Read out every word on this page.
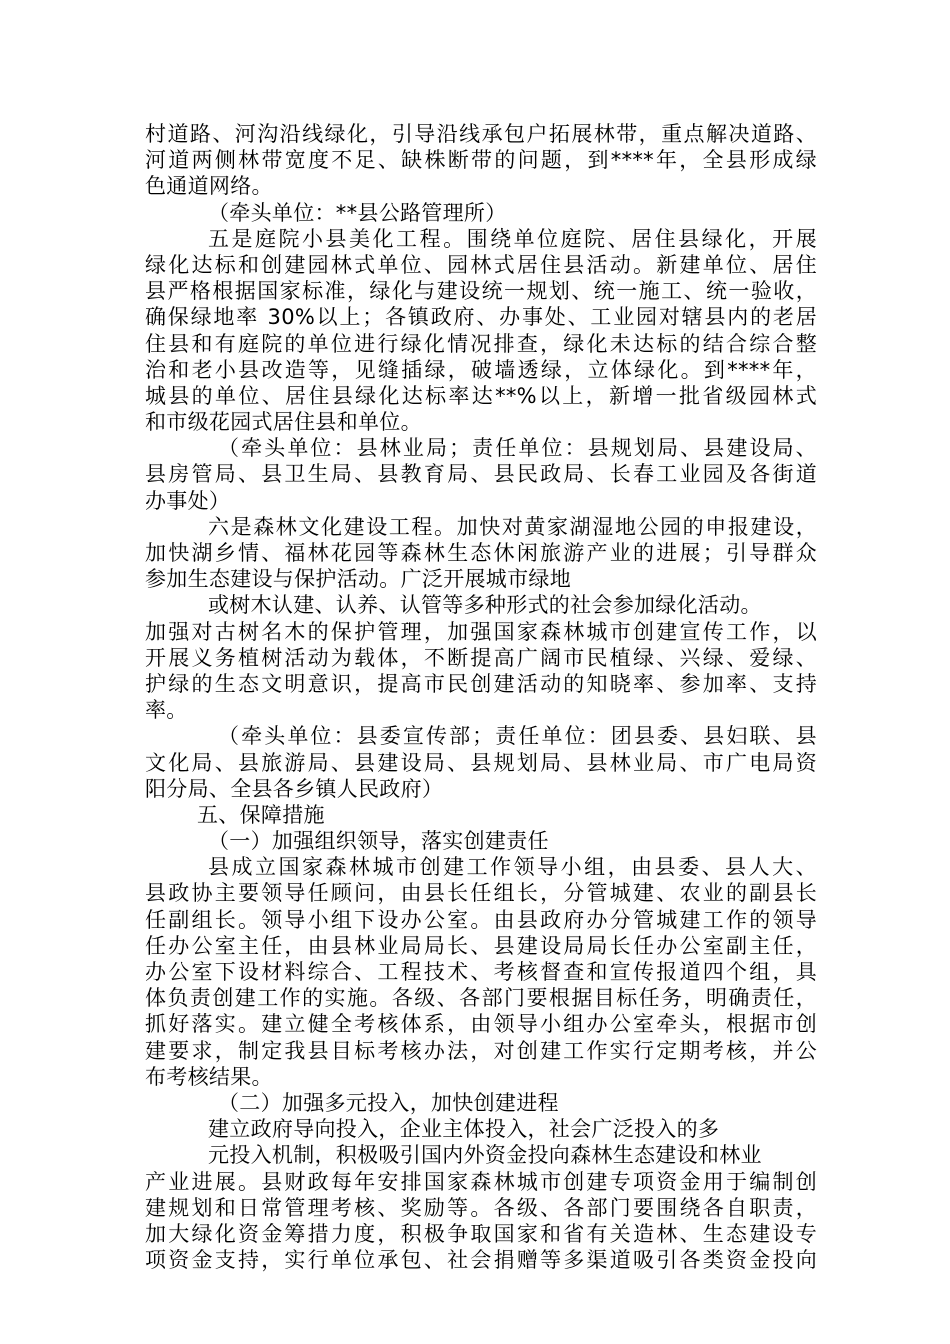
村道路、河沟沿线绿化，引导沿线承包户拓展林带，重点解决道路、
河道两侧林带宽度不足、缺株断带的问题，到****年，全县形成绿
色通道网络。
（牵头单位：**县公路管理所）
五是庭院小县美化工程。围绕单位庭院、居住县绿化，开展
绿化达标和创建园林式单位、园林式居住县活动。新建单位、居住
县严格根据国家标准，绿化与建设统一规划、统一施工、统一验收，
确保绿地率 30%以上；各镇政府、办事处、工业园对辖县内的老居
住县和有庭院的单位进行绿化情况排查，绿化未达标的结合综合整
治和老小县改造等，见缝插绿，破墙透绿，立体绿化。到****年，
城县的单位、居住县绿化达标率达**%以上，新增一批省级园林式
和市级花园式居住县和单位。
（牵头单位：县林业局；责任单位：县规划局、县建设局、
县房管局、县卫生局、县教育局、县民政局、长春工业园及各街道
办事处）
六是森林文化建设工程。加快对黄家湖湿地公园的申报建设，
加快湖乡情、福林花园等森林生态休闲旅游产业的进展；引导群众
参加生态建设与保护活动。广泛开展城市绿地
或树木认建、认养、认管等多种形式的社会参加绿化活动。
加强对古树名木的保护管理，加强国家森林城市创建宣传工作，以
开展义务植树活动为载体，不断提高广阔市民植绿、兴绿、爱绿、
护绿的生态文明意识，提高市民创建活动的知晓率、参加率、支持
率。
（牵头单位：县委宣传部；责任单位：团县委、县妇联、县
文化局、县旅游局、县建设局、县规划局、县林业局、市广电局资
阳分局、全县各乡镇人民政府）
五、保障措施
（一）加强组织领导，落实创建责任
县成立国家森林城市创建工作领导小组，由县委、县人大、
县政协主要领导任顾问，由县长任组长，分管城建、农业的副县长
任副组长。领导小组下设办公室。由县政府办分管城建工作的领导
任办公室主任，由县林业局局长、县建设局局长任办公室副主任，
办公室下设材料综合、工程技术、考核督查和宣传报道四个组，具
体负责创建工作的实施。各级、各部门要根据目标任务，明确责任，
抓好落实。建立健全考核体系，由领导小组办公室牵头，根据市创
建要求，制定我县目标考核办法，对创建工作实行定期考核，并公
布考核结果。
（二）加强多元投入，加快创建进程
建立政府导向投入，企业主体投入，社会广泛投入的多
元投入机制，积极吸引国内外资金投向森林生态建设和林业
产业进展。县财政每年安排国家森林城市创建专项资金用于编制创
建规划和日常管理考核、奖励等。各级、各部门要围绕各自职责，
加大绿化资金筹措力度，积极争取国家和省有关造林、生态建设专
项资金支持，实行单位承包、社会捐赠等多渠道吸引各类资金投向
